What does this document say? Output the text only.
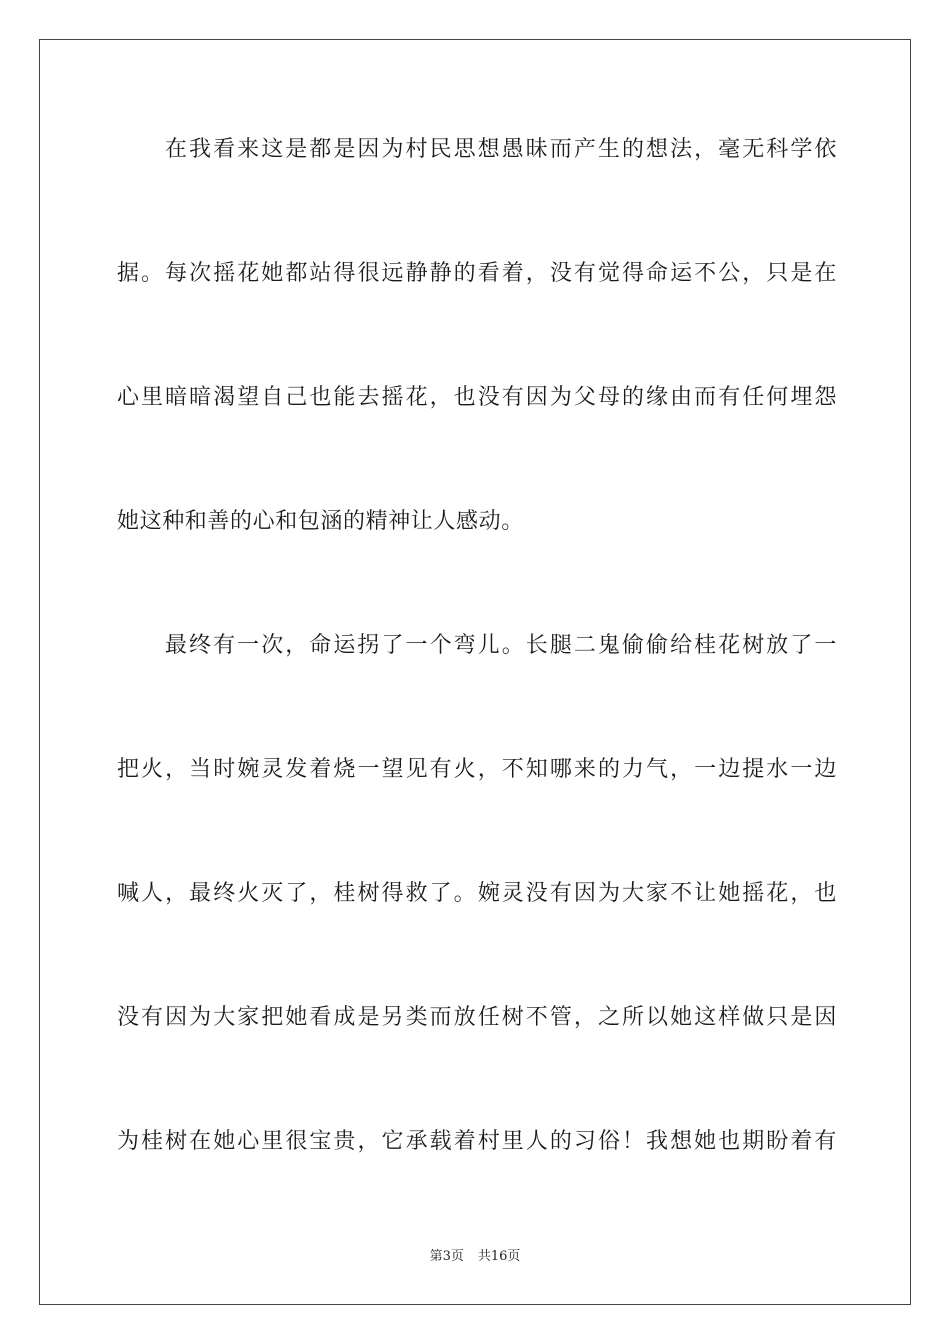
在我看来这是都是因为村民思想愚昧而产生的想法，毫无科学依
据。每次摇花她都站得很远静静的看着，没有觉得命运不公，只是在
心里暗暗渴望自己也能去摇花，也没有因为父母的缘由而有任何埋怨
她这种和善的心和包涵的精神让人感动。
最终有一次，命运拐了一个弯儿。长腿二鬼偷偷给桂花树放了一
把火，当时婉灵发着烧一望见有火，不知哪来的力气，一边提水一边
喊人，最终火灭了，桂树得救了。婉灵没有因为大家不让她摇花，也
没有因为大家把她看成是另类而放任树不管，之所以她这样做只是因
为桂树在她心里很宝贵，它承载着村里人的习俗！我想她也期盼着有
第3页 共16页
